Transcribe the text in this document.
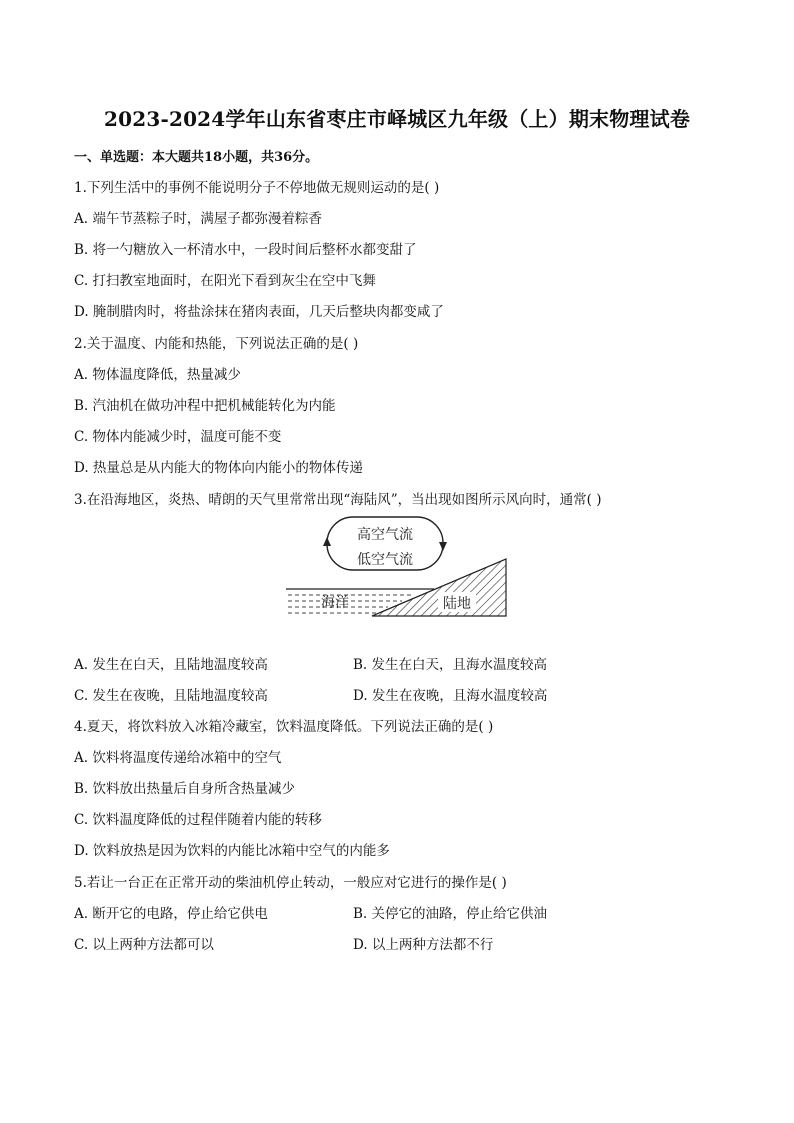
2023-2024学年山东省枣庄市峄城区九年级（上）期末物理试卷
一、单选题：本大题共18小题，共36分。
1.下列生活中的事例不能说明分子不停地做无规则运动的是( )
A. 端午节蒸粽子时，满屋子都弥漫着粽香
B. 将一勺糖放入一杯清水中，一段时间后整杯水都变甜了
C. 打扫教室地面时，在阳光下看到灰尘在空中飞舞
D. 腌制腊肉时，将盐涂抹在猪肉表面，几天后整块肉都变咸了
2.关于温度、内能和热能，下列说法正确的是( )
A. 物体温度降低，热量减少
B. 汽油机在做功冲程中把机械能转化为内能
C. 物体内能减少时，温度可能不变
D. 热量总是从内能大的物体向内能小的物体传递
3.在沿海地区，炎热、晴朗的天气里常常出现“海陆风”，当出现如图所示风向时，通常( )
高空气流
低空气流
海洋	陆地
A. 发生在白天，且陆地温度较高	B. 发生在白天，且海水温度较高
C. 发生在夜晚，且陆地温度较高	D. 发生在夜晚，且海水温度较高
4.夏天，将饮料放入冰箱冷藏室，饮料温度降低。下列说法正确的是( )
A. 饮料将温度传递给冰箱中的空气
B. 饮料放出热量后自身所含热量减少
C. 饮料温度降低的过程伴随着内能的转移
D. 饮料放热是因为饮料的内能比冰箱中空气的内能多
5.若让一台正在正常开动的柴油机停止转动，一般应对它进行的操作是( )
A. 断开它的电路，停止给它供电	B. 关停它的油路，停止给它供油
C. 以上两种方法都可以	D. 以上两种方法都不行
